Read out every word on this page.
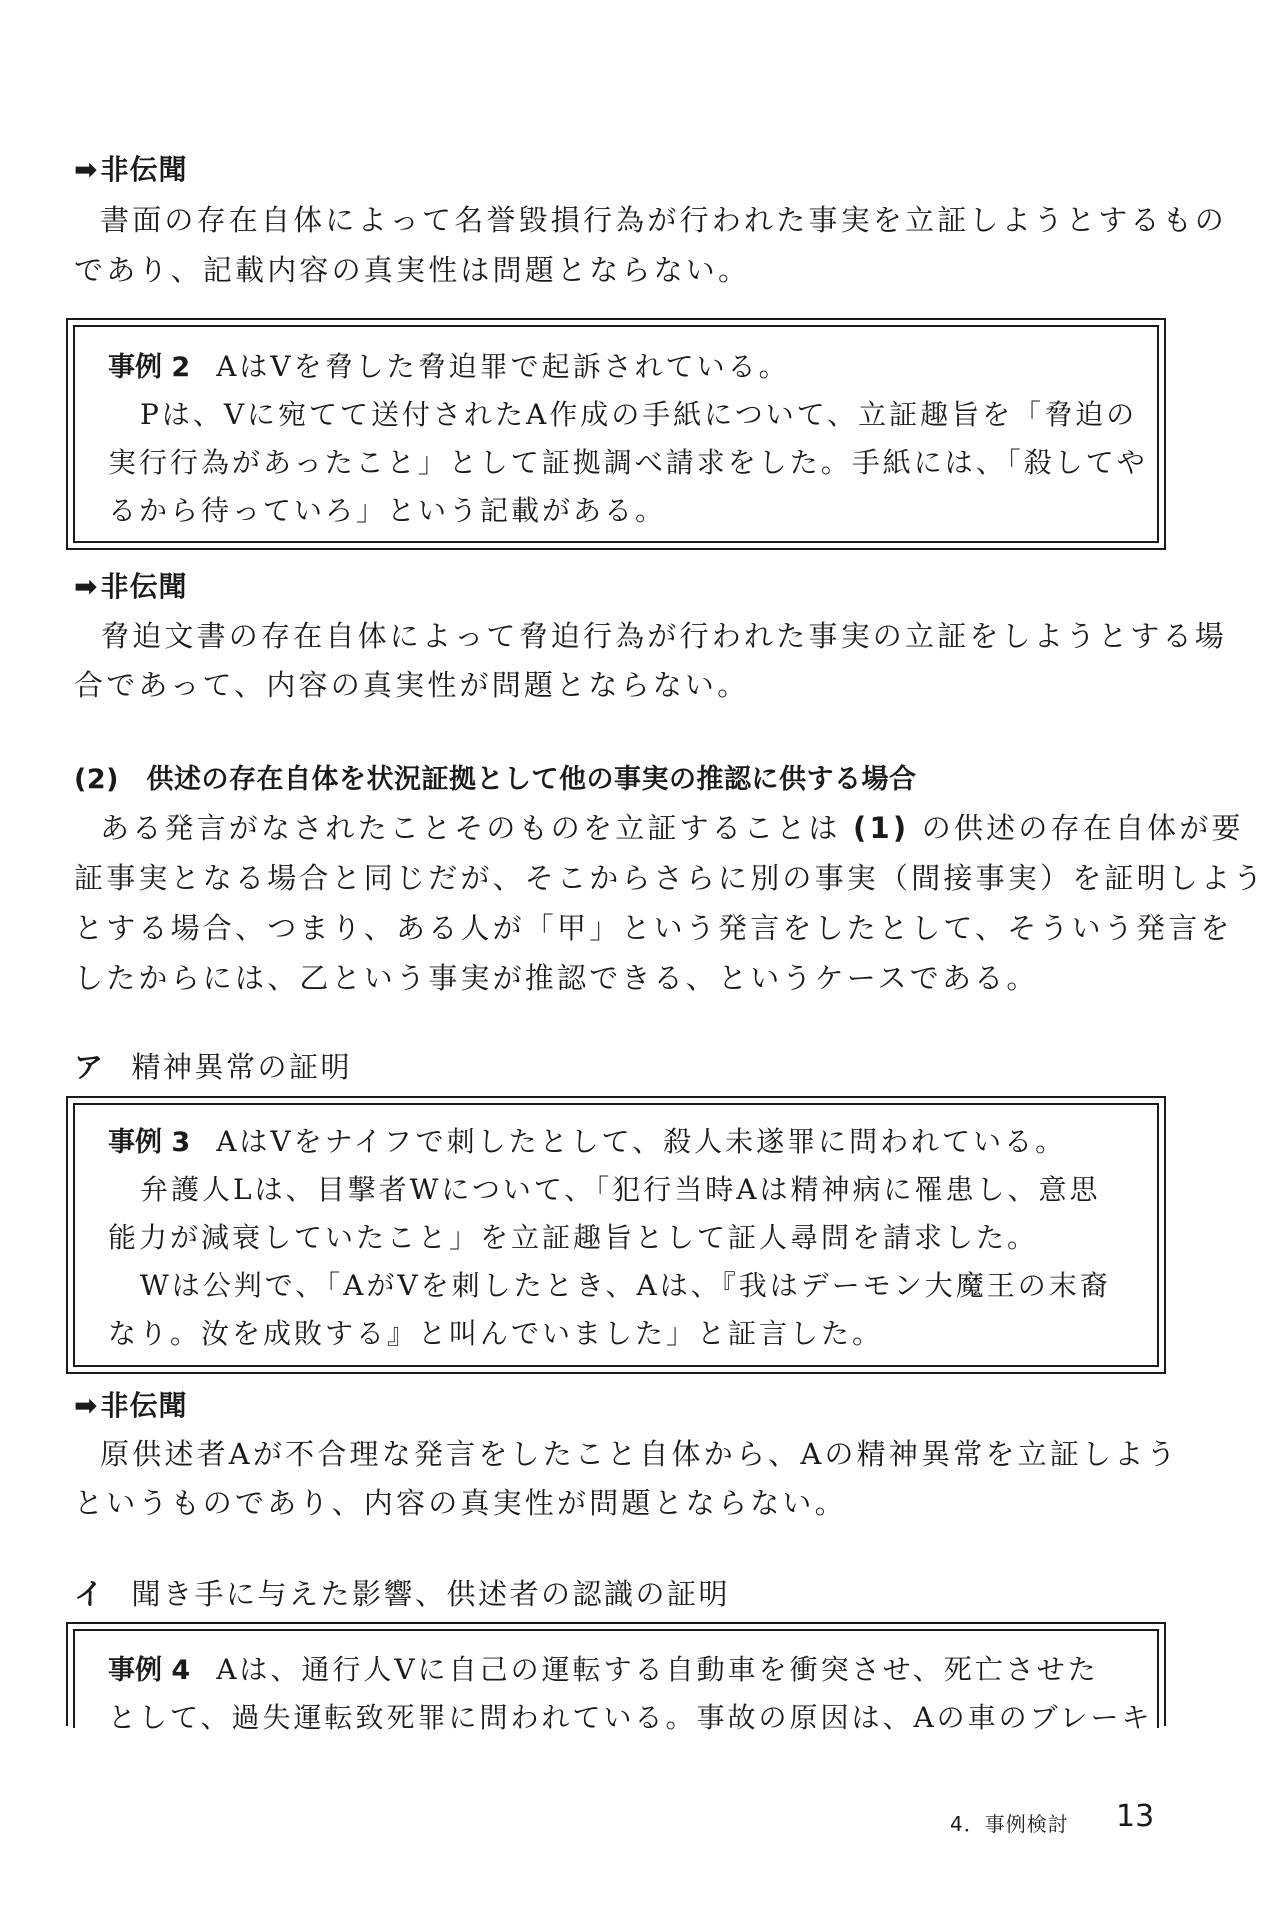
➡非伝聞
書面の存在自体によって名誉毀損行為が行われた事実を立証しようとするもの
であり、記載内容の真実性は問題とならない。
事例 2 AはVを脅した脅迫罪で起訴されている。
Pは、Vに宛てて送付されたA作成の手紙について、立証趣旨を「脅迫の
実行行為があったこと」として証拠調べ請求をした。手紙には、「殺してや
るから待っていろ」という記載がある。
➡非伝聞
脅迫文書の存在自体によって脅迫行為が行われた事実の立証をしようとする場
合であって、内容の真実性が問題とならない。
(2)　 供述の存在自体を状況証拠として他の事実の推認に供する場合
ある発言がなされたことそのものを立証することは (1) の供述の存在自体が要
証事実となる場合と同じだが、そこからさらに別の事実（間接事実）を証明しよう
とする場合、つまり、ある人が「甲」という発言をしたとして、そういう発言を
したからには、乙という事実が推認できる、というケースである。
ア 精神異常の証明
事例 3 AはVをナイフで刺したとして、殺人未遂罪に問われている。
弁護人Lは、目撃者Wについて、「犯行当時Aは精神病に罹患し、意思
能力が減衰していたこと」を立証趣旨として証人尋問を請求した。
Wは公判で、「AがVを刺したとき、Aは、『我はデーモン大魔王の末裔
なり。汝を成敗する』と叫んでいました」と証言した。
➡非伝聞
原供述者Aが不合理な発言をしたこと自体から、Aの精神異常を立証しよう
というものであり、内容の真実性が問題とならない。
イ 聞き手に与えた影響、供述者の認識の証明
事例 4 Aは、通行人Vに自己の運転する自動車を衝突させ、死亡させた
として、過失運転致死罪に問われている。事故の原因は、Aの車のブレーキ
4．事例検討 13
